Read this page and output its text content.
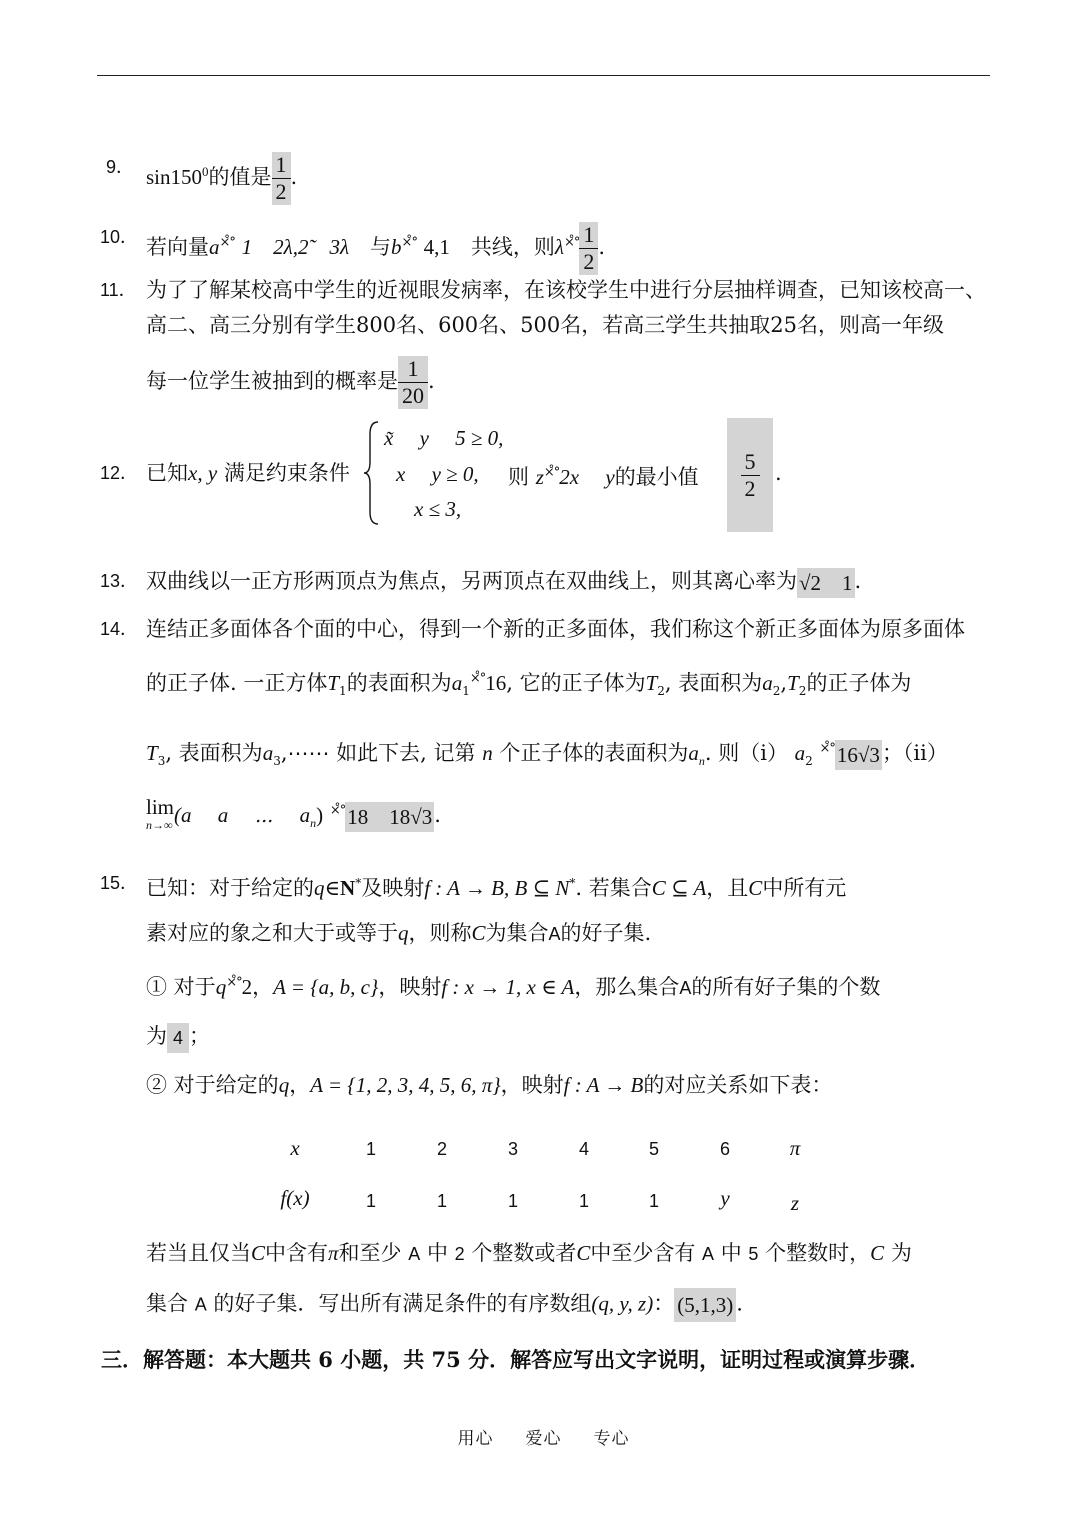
9． $\sin 150^0$的值是 $\frac{1}{2}$ .
10． 若向量a×̊° 1　2λ,2̃　3λ　 与b×̊° 4,1　 共线，则$\lambda^{\times̊^\circ} \frac{1}{2}$ .
11． 为了了解某校高中学生的近视眼发病率，在该校学生中进行分层抽样调查，已知该校高一、
高二、高三分别有学生800名、600名、500名，若高三学生共抽取25名，则高一年级
每一位学生被抽到的概率是 $\frac{1}{20}$ .
12． 已知x, y 满足约束条件
x̃　 y　 5 ≥ 0,
x　 y ≥ 0,
x ≤ 3,
则 z×̊°2x　 y的最小值	$\frac{5}{2}$ .
13． 双曲线以一正方形两顶点为焦点，另两顶点在双曲线上，则其离心率为√2　1.
14． 连结正多面体各个面的中心，得到一个新的正多面体，我们称这个新正多面体为原多面体
的正子体. 一正方体$T_1$的表面积为$a_1^{\times̊^\circ}16$, 它的正子体为$T_2$, 表面积为$a_2,T_2$的正子体为
$T_3$, 表面积为$a_3,\cdots\cdots$ 如此下去, 记第 n 个正子体的表面积为$a_n$. 则（i） $a_2$ ×̊°16√3；（ii）
lim
n→∞ (a　 a　 ⋯　 $a_n$) ×̊°18　18√3.
15． 已知：对于给定的q∈N*及映射f : A → B, B ⊆ N*. 若集合C ⊆ A，且C中所有元
素对应的象之和大于或等于q，则称C为集合A的好子集.
① 对于q×̊°2，A = {a, b, c}，映射f : x → 1, x ∈ A，那么集合A的所有好子集的个数
为 4 ；
② 对于给定的q，A = {1, 2, 3, 4, 5, 6, π}，映射f : A → B的对应关系如下表：
x	1	2	3	4	5	6	π
f(x)	1	1	1	1	1	y	z
若当且仅当C中含有π和至少 A 中 2 个整数或者C中至少含有 A 中 5 个整数时，C 为
集合 A 的好子集．写出所有满足条件的有序数组(q, y, z)： (5,1,3) .
三．解答题：本大题共 6 小题，共 75 分．解答应写出文字说明，证明过程或演算步骤．
用心 爱心 专心
